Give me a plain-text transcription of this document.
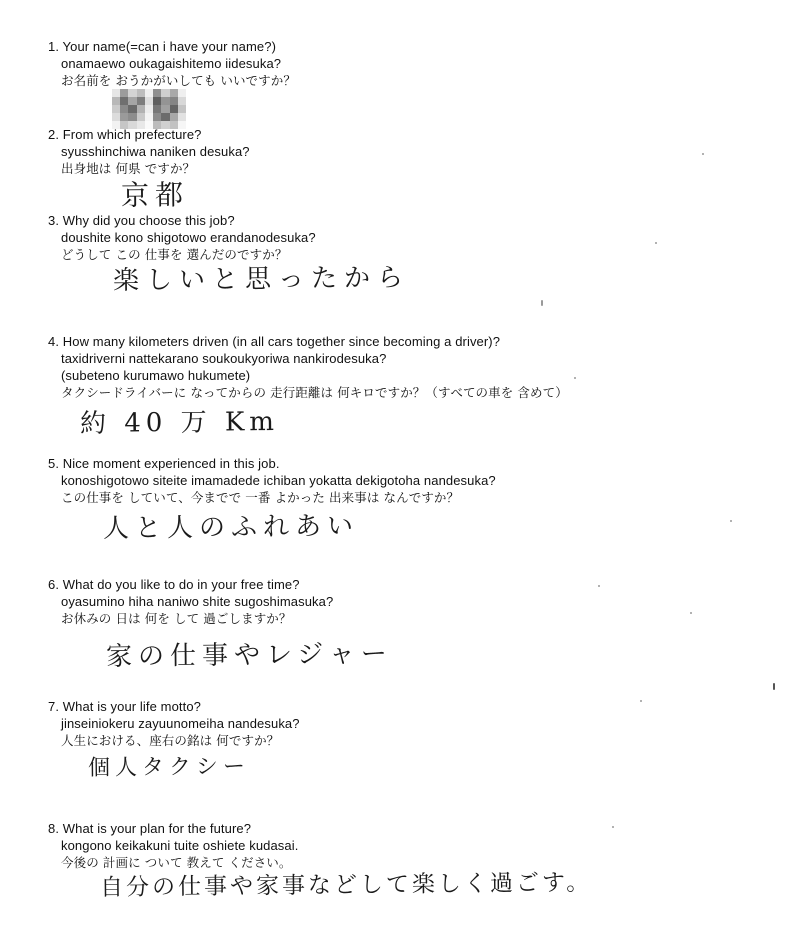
1. Your name(=can i have your name?)
onamaewo oukagaishitemo iidesuka?
お名前を おうかがいしても いいですか？
2. From which prefecture?
syusshinchiwa naniken desuka?
出身地は 何県 ですか？
京都
3. Why did you choose this job?
doushite kono shigotowo erandanodesuka?
どうして この 仕事を 選んだのですか？
楽しいと思ったから
4. How many kilometers driven (in all cars together since becoming a driver)?
taxidriverni nattekarano soukoukyoriwa nankirodesuka?
(subeteno kurumawo hukumete)
タクシードライバーに なってからの 走行距離は 何キロですか？（すべての車を 含めて）
約 40 万 Km
5. Nice moment experienced in this job.
konoshigotowo siteite imamadede ichiban yokatta dekigotoha nandesuka?
この仕事を していて、今までで 一番 よかった 出来事は なんですか？
人と人のふれあい
6. What do you like to do in your free time?
oyasumino hiha naniwo shite sugoshimasuka?
お休みの 日は 何を して 過ごしますか？
家の仕事やレジャー
7. What is your life motto?
jinseiniokeru zayuunomeiha nandesuka?
人生における、座右の銘は 何ですか？
個人タクシー
8. What is your plan for the future?
kongono keikakuni tuite oshiete kudasai.
今後の 計画に ついて 教えて ください。
自分の仕事や家事などして楽しく過ごす。
